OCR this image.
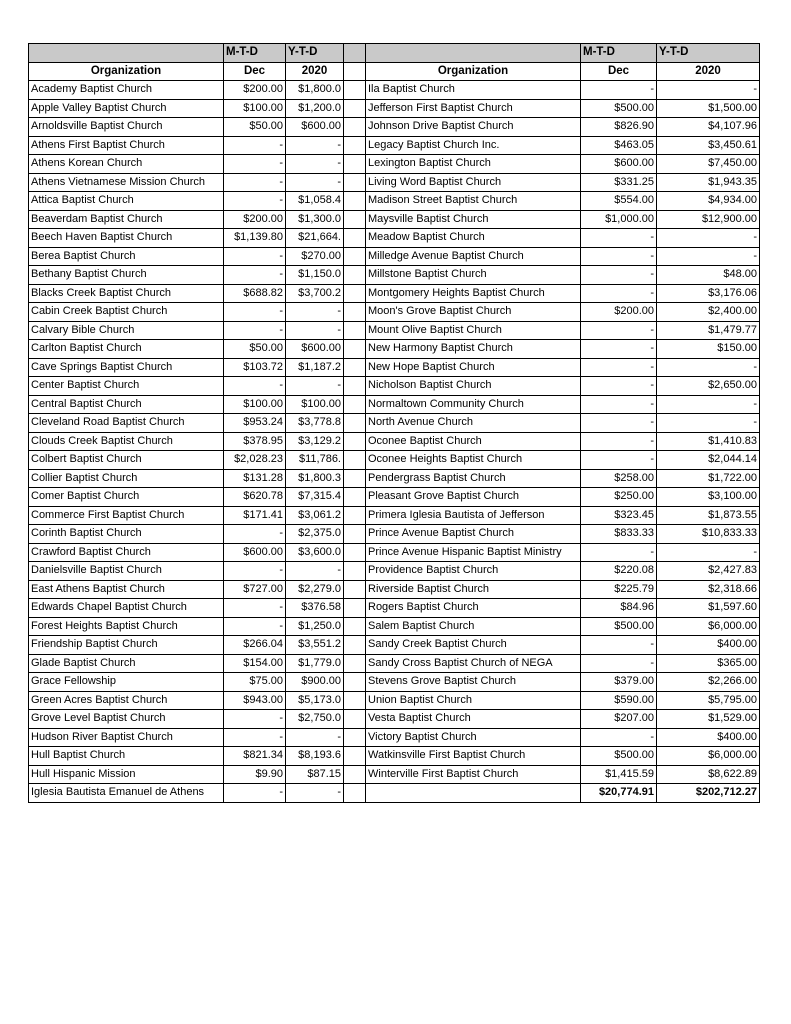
	M-T-D	Y-T-D			M-T-D	Y-T-D
Organization	Dec	2020		Organization	Dec	2020
Academy Baptist Church	$200.00	$1,800.0		Ila Baptist Church	-	-
Apple Valley Baptist Church	$100.00	$1,200.0		Jefferson First Baptist Church	$500.00	$1,500.00
Arnoldsville Baptist Church	$50.00	$600.00		Johnson Drive Baptist Church	$826.90	$4,107.96
Athens First Baptist Church	-	-		Legacy Baptist Church Inc.	$463.05	$3,450.61
Athens Korean Church	-	-		Lexington Baptist Church	$600.00	$7,450.00
Athens Vietnamese Mission Church	-	-		Living Word Baptist Church	$331.25	$1,943.35
Attica Baptist Church	-	$1,058.4		Madison Street Baptist Church	$554.00	$4,934.00
Beaverdam Baptist Church	$200.00	$1,300.0		Maysville Baptist Church	$1,000.00	$12,900.00
Beech Haven Baptist Church	$1,139.80	$21,664.		Meadow Baptist Church	-	-
Berea Baptist Church	-	$270.00		Milledge Avenue Baptist Church	-	-
Bethany Baptist Church	-	$1,150.0		Millstone Baptist Church	-	$48.00
Blacks Creek Baptist Church	$688.82	$3,700.2		Montgomery Heights Baptist Church	-	$3,176.06
Cabin Creek Baptist Church	-	-		Moon's Grove Baptist Church	$200.00	$2,400.00
Calvary Bible Church	-	-		Mount Olive Baptist Church	-	$1,479.77
Carlton Baptist Church	$50.00	$600.00		New Harmony Baptist Church	-	$150.00
Cave Springs Baptist Church	$103.72	$1,187.2		New Hope Baptist Church	-	-
Center Baptist Church	-	-		Nicholson Baptist Church	-	$2,650.00
Central Baptist Church	$100.00	$100.00		Normaltown Community Church	-	-
Cleveland Road Baptist Church	$953.24	$3,778.8		North Avenue Church	-	-
Clouds Creek Baptist Church	$378.95	$3,129.2		Oconee Baptist Church	-	$1,410.83
Colbert Baptist Church	$2,028.23	$11,786.		Oconee Heights Baptist Church	-	$2,044.14
Collier Baptist Church	$131.28	$1,800.3		Pendergrass Baptist Church	$258.00	$1,722.00
Comer Baptist Church	$620.78	$7,315.4		Pleasant Grove Baptist Church	$250.00	$3,100.00
Commerce First Baptist Church	$171.41	$3,061.2		Primera Iglesia Bautista of Jefferson	$323.45	$1,873.55
Corinth Baptist Church	-	$2,375.0		Prince Avenue Baptist Church	$833.33	$10,833.33
Crawford Baptist Church	$600.00	$3,600.0		Prince Avenue Hispanic Baptist Ministry	-	-
Danielsville Baptist Church	-	-		Providence Baptist Church	$220.08	$2,427.83
East Athens Baptist Church	$727.00	$2,279.0		Riverside Baptist Church	$225.79	$2,318.66
Edwards Chapel Baptist Church	-	$376.58		Rogers Baptist Church	$84.96	$1,597.60
Forest Heights Baptist Church	-	$1,250.0		Salem Baptist Church	$500.00	$6,000.00
Friendship Baptist Church	$266.04	$3,551.2		Sandy Creek Baptist Church	-	$400.00
Glade Baptist Church	$154.00	$1,779.0		Sandy Cross Baptist Church of NEGA	-	$365.00
Grace Fellowship	$75.00	$900.00		Stevens Grove Baptist Church	$379.00	$2,266.00
Green Acres Baptist Church	$943.00	$5,173.0		Union Baptist Church	$590.00	$5,795.00
Grove Level Baptist Church	-	$2,750.0		Vesta Baptist Church	$207.00	$1,529.00
Hudson River Baptist Church	-	-		Victory Baptist Church	-	$400.00
Hull Baptist Church	$821.34	$8,193.6		Watkinsville First Baptist Church	$500.00	$6,000.00
Hull Hispanic Mission	$9.90	$87.15		Winterville First Baptist Church	$1,415.59	$8,622.89
Iglesia Bautista Emanuel de Athens	-	-			$20,774.91	$202,712.27
